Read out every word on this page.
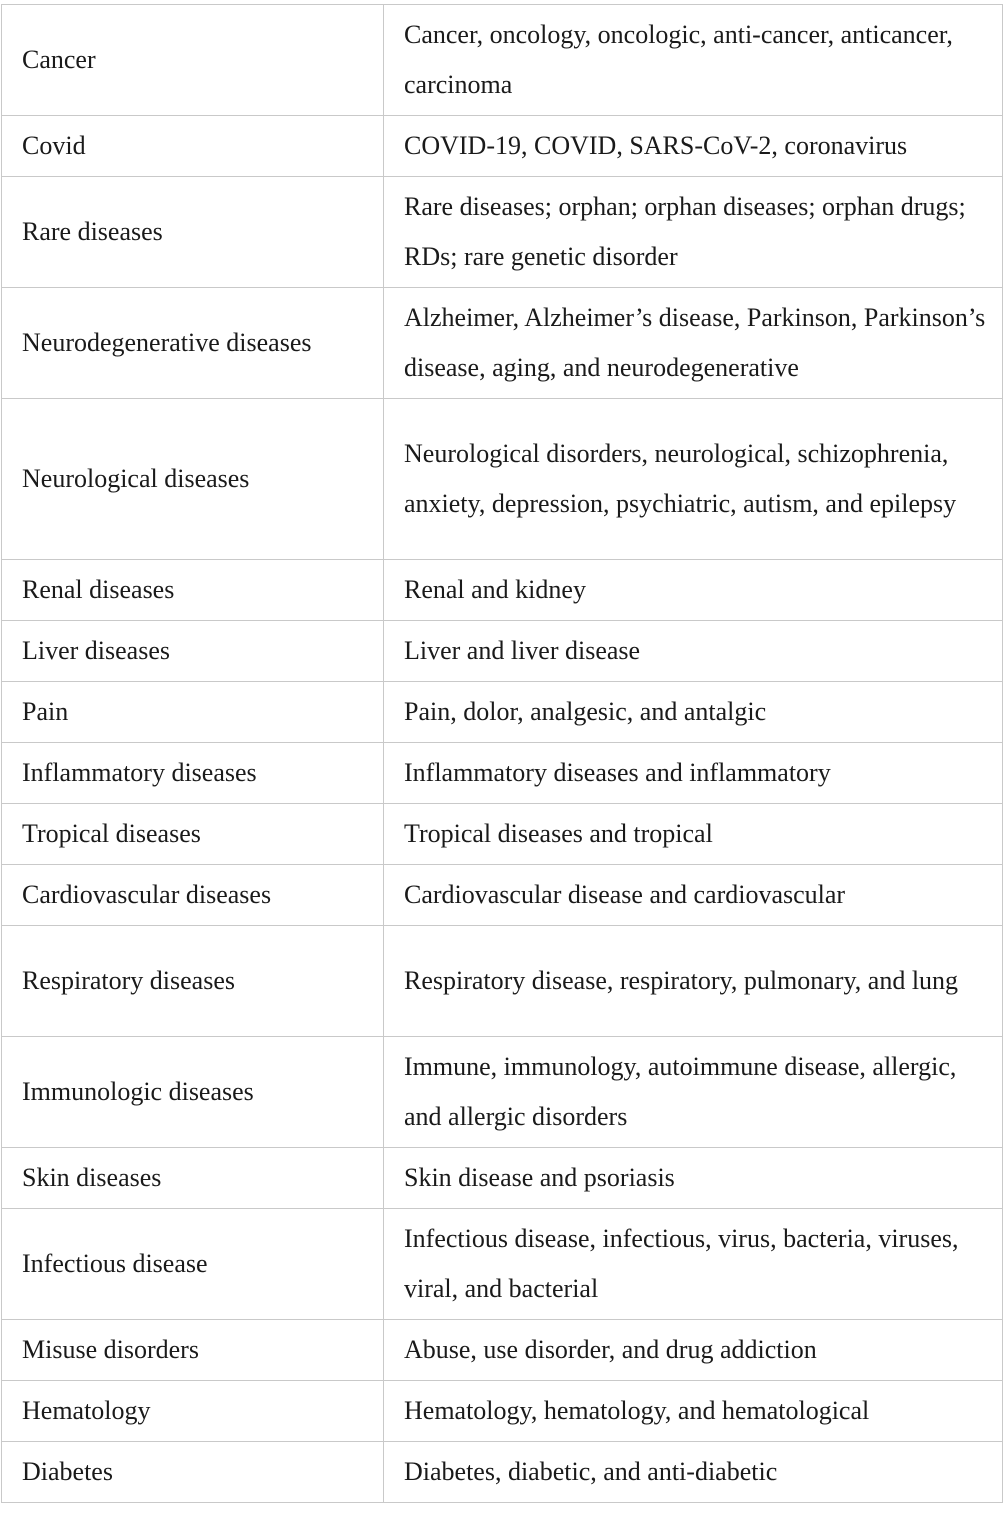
Cancer	Cancer, oncology, oncologic, anti-cancer, anticancer, carcinoma
Covid	COVID-19, COVID, SARS-CoV-2, coronavirus
Rare diseases	Rare diseases; orphan; orphan diseases; orphan drugs; RDs; rare genetic disorder
Neurodegenerative diseases	Alzheimer, Alzheimer’s disease, Parkinson, Parkinson’s disease, aging, and neurodegenerative
Neurological diseases	Neurological disorders, neurological, schizophrenia, anxiety, depression, psychiatric, autism, and epilepsy
Renal diseases	Renal and kidney
Liver diseases	Liver and liver disease
Pain	Pain, dolor, analgesic, and antalgic
Inflammatory diseases	Inflammatory diseases and inflammatory
Tropical diseases	Tropical diseases and tropical
Cardiovascular diseases	Cardiovascular disease and cardiovascular
Respiratory diseases	Respiratory disease, respiratory, pulmonary, and lung
Immunologic diseases	Immune, immunology, autoimmune disease, allergic, and allergic disorders
Skin diseases	Skin disease and psoriasis
Infectious disease	Infectious disease, infectious, virus, bacteria, viruses, viral, and bacterial
Misuse disorders	Abuse, use disorder, and drug addiction
Hematology	Hematology, hematology, and hematological
Diabetes	Diabetes, diabetic, and anti-diabetic
